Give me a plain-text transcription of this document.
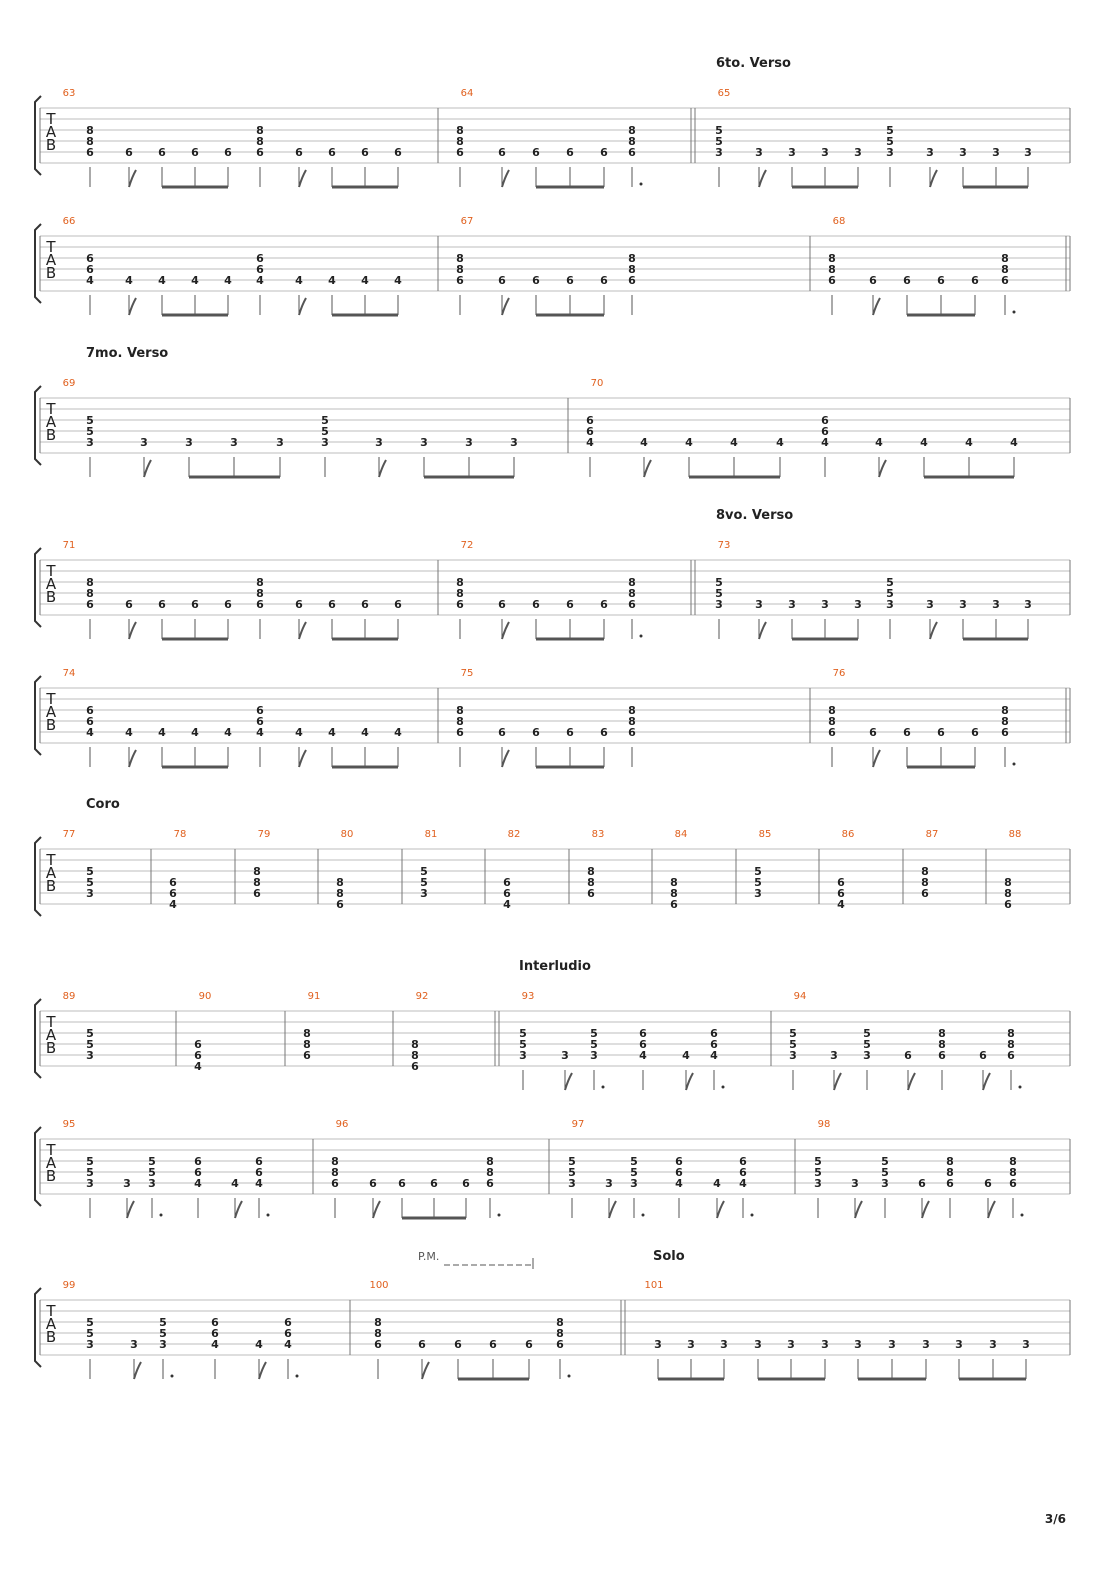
T
A
B
6to. Verso
63
8
8
6	6 6 6 6
8
8
6	6 6 6 6
64
8
8
6	6 6 6 6
8
8
6
65
5
5
3	3 3 3 3
5
5
3	3 3 3 3
T
A
B
66
6
6
4	4 4 4 4
6
6
4	4 4 4 4
67
8
8
6	6 6 6 6
8
8
6
68
8
8
6	6 6 6 6
8
8
6
T
A
B
7mo. Verso
69
5
5
3	3	3	3	3
5
5
3	3	3	3	3
70
6
6
4	4	4	4	4
6
6
4	4	4	4	4
T
A
B
8vo. Verso
71
8
8
6	6 6 6 6
8
8
6	6 6 6 6
72
8
8
6	6 6 6 6
8
8
6
73
5
5
3	3 3 3 3
5
5
3	3 3 3 3
T
A
B
74
6
6
4	4 4 4 4
6
6
4	4 4 4 4
75
8
8
6	6 6 6 6
8
8
6
76
8
8
6	6 6 6 6
8
8
6
T
A
B
Coro
77
5
5
3
78
6
6
4
79
8
8
6
80
8
8
6
81
5
5
3
82
6
6
4
83
8
8
6
84
8
8
6
85
5
5
3
86
6
6
4
87
8
8
6
88
8
8
6
T
A
B
Interludio
89
5
5
3
90
6
6
4
91
8
8
6
92
8
8
6
93
5
5
3	3
5
5
3
6
6
4	4
6
6
4
94
5
5
3	3
5
5
3	6
8
8
6	6
8
8
6
T
A
B
95
5
5
3	3
5
5
3
6
6
4	4
6
6
4
96
8
8
6	6 6 6 6
8
8
6
97
5
5
3	3
5
5
3
6
6
4	4
6
6
4
98
5
5
3	3
5
5
3	6
8
8
6	6
8
8
6
T
A
B
Solo
P.M.
99
5
5
3	3
5
5
3
6
6
4	4
6
6
4
100
8
8
6	6	6 6	6
8
8
6
101
3 3 3 3 3 3 3 3 3 3 3 3
3/6
